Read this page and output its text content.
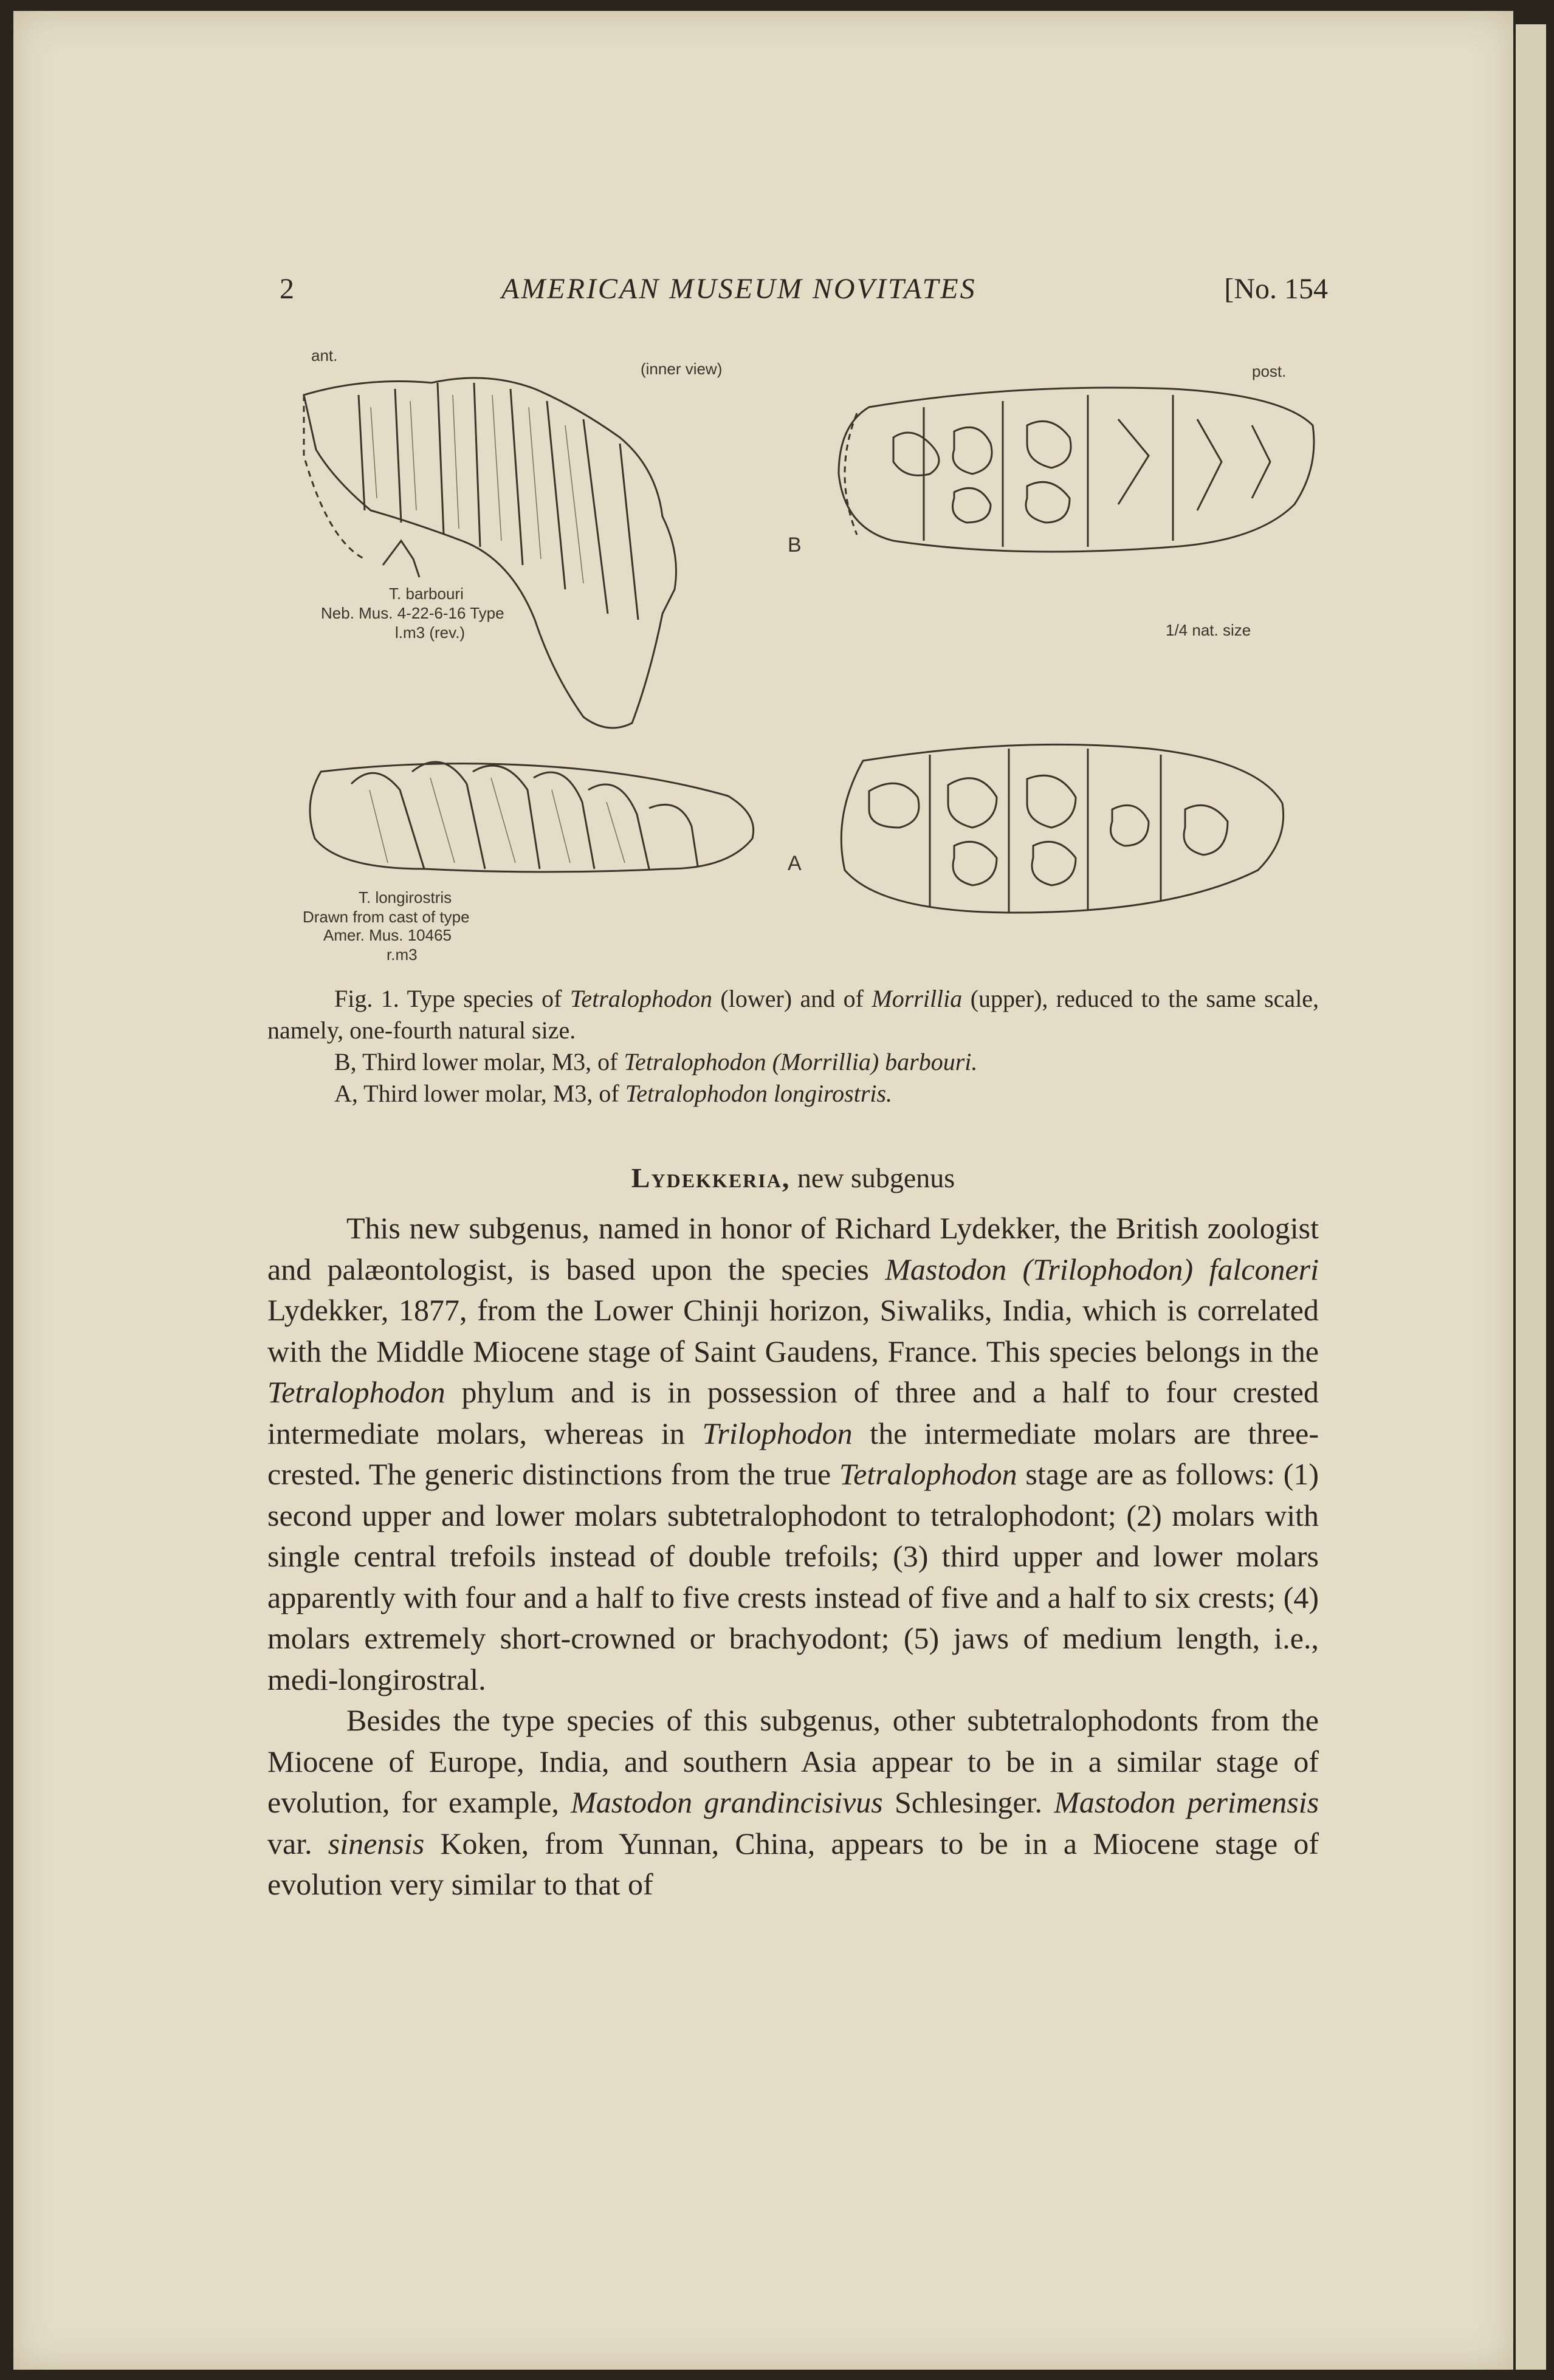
2	AMERICAN MUSEUM NOVITATES	[No. 154
ant.
(inner view)	post.
B
T. barbouri
Neb. Mus. 4-22-6-16 Type
l.m3 (rev.)	1/4 nat. size
A
T. longirostris
Drawn from cast of type
Amer. Mus. 10465
r.m3

Fig. 1. Type species of Tetralophodon (lower) and of Morrillia (upper), reduced to the same scale, namely, one-fourth natural size.

B, Third lower molar, M3, of Tetralophodon (Morrillia) barbouri.

A, Third lower molar, M3, of Tetralophodon longirostris.

Lydekkeria, new subgenus

This new subgenus, named in honor of Richard Lydekker, the British zoologist and palæontologist, is based upon the species Mastodon (Trilophodon) falconeri Lydekker, 1877, from the Lower Chinji horizon, Siwaliks, India, which is correlated with the Middle Miocene stage of Saint Gaudens, France. This species belongs in the Tetralophodon phylum and is in possession of three and a half to four crested intermediate molars, whereas in Trilophodon the intermediate molars are three-crested. The generic distinctions from the true Tetralophodon stage are as follows: (1) second upper and lower molars subtetralophodont to tetralophodont; (2) molars with single central trefoils instead of double trefoils; (3) third upper and lower molars apparently with four and a half to five crests instead of five and a half to six crests; (4) molars extremely short-crowned or brachyodont; (5) jaws of medium length, i.e., medi-longirostral.

Besides the type species of this subgenus, other subtetralophodonts from the Miocene of Europe, India, and southern Asia appear to be in a similar stage of evolution, for example, Mastodon grandincisivus Schlesinger. Mastodon perimensis var. sinensis Koken, from Yunnan, China, appears to be in a Miocene stage of evolution very similar to that of
